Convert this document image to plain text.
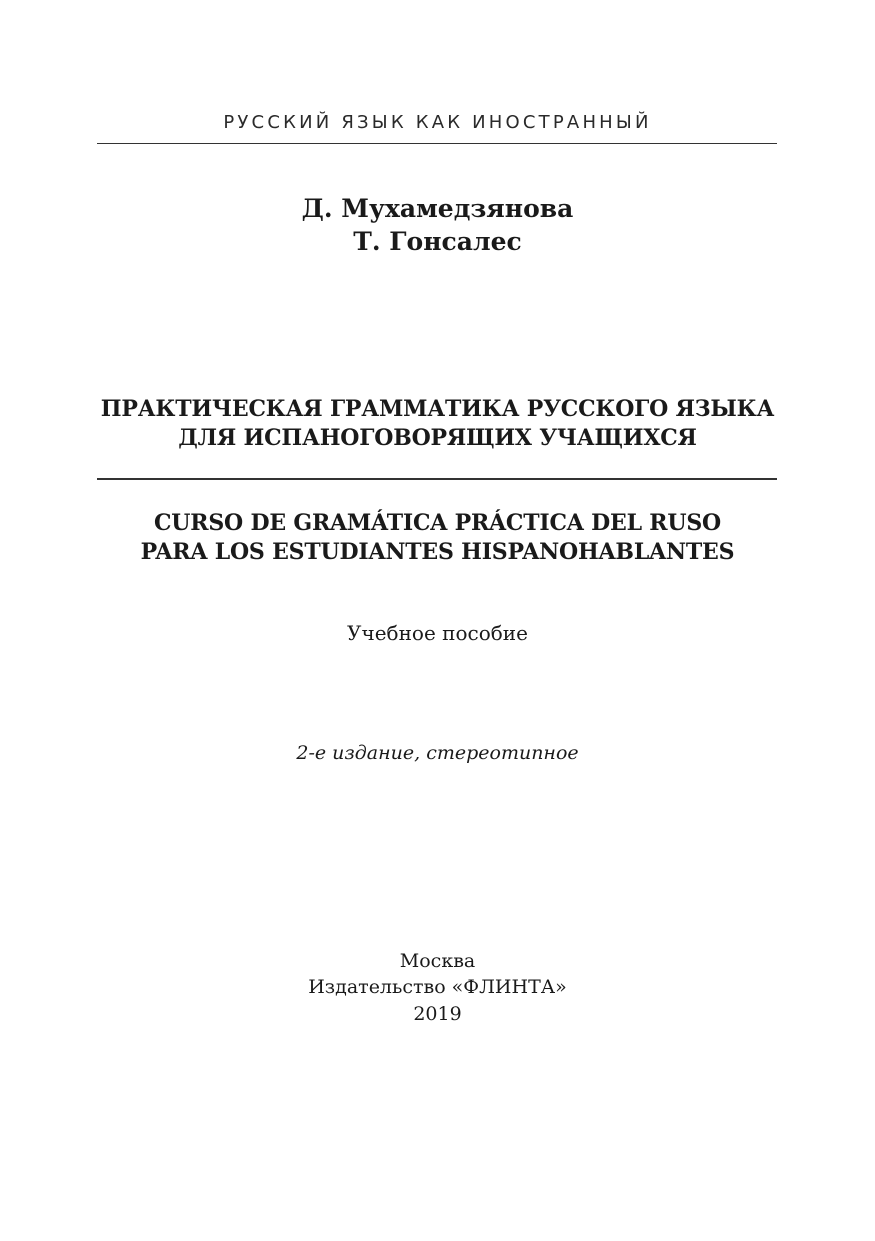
РУССКИЙ ЯЗЫК КАК ИНОСТРАННЫЙ
Д. Мухамедзянова
Т. Гонсалес
ПРАКТИЧЕСКАЯ ГРАММАТИКА РУССКОГО ЯЗЫКА
ДЛЯ ИСПАНОГОВОРЯЩИХ УЧАЩИХСЯ
CURSO DE GRAMÁTICA PRÁCTICA DEL RUSO
PARA LOS ESTUDIANTES HISPANOHABLANTES
Учебное пособие
2-е издание, стереотипное
Москва
Издательство «ФЛИНТА»
2019
